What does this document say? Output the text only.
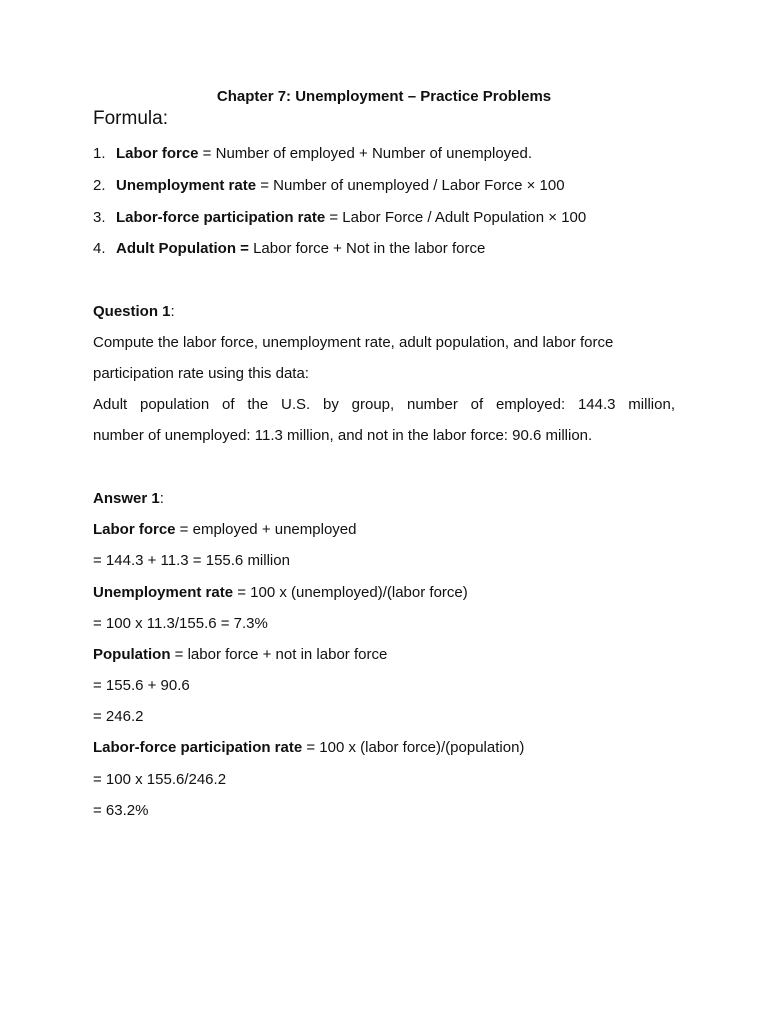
Chapter 7: Unemployment – Practice Problems
Formula:
1. Labor force = Number of employed + Number of unemployed.
2. Unemployment rate = Number of unemployed / Labor Force × 100
3. Labor-force participation rate = Labor Force / Adult Population × 100
4. Adult Population = Labor force + Not in the labor force
Question 1:
Compute the labor force, unemployment rate, adult population, and labor force
participation rate using this data:
Adult population of the U.S. by group, number of employed: 144.3 million,
number of unemployed: 11.3 million, and not in the labor force: 90.6 million.
Answer 1:
Labor force = employed + unemployed
= 144.3 + 11.3 = 155.6 million
Unemployment rate = 100 x (unemployed)/(labor force)
= 100 x 11.3/155.6 = 7.3%
Population = labor force + not in labor force
= 155.6 + 90.6
= 246.2
Labor-force participation rate = 100 x (labor force)/(population)
= 100 x 155.6/246.2
= 63.2%
